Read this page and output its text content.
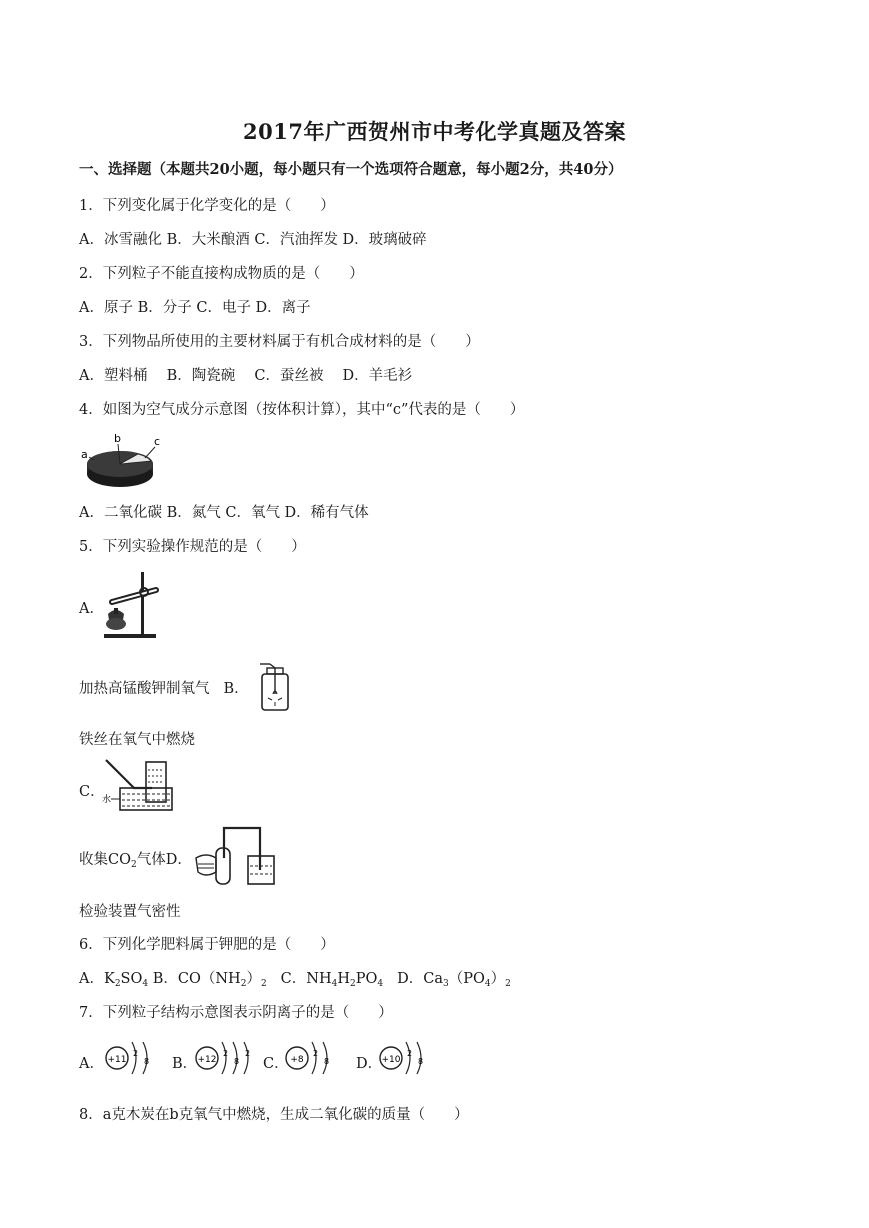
2017年广西贺州市中考化学真题及答案
一、选择题（本题共20小题，每小题只有一个选项符合题意，每小题2分，共40分）
1．下列变化属于化学变化的是（　　）
A．冰雪融化 B．大米酿酒 C．汽油挥发 D．玻璃破碎
2．下列粒子不能直接构成物质的是（　　）
A．原子 B．分子 C．电子 D．离子
3．下列物品所使用的主要材料属于有机合成材料的是（　　）
A．塑料桶　 B．陶瓷碗　 C．蚕丝被　 D．羊毛衫
4．如图为空气成分示意图（按体积计算），其中“c”代表的是（　　）
a
b	c
A．二氧化碳 B．氮气 C．氧气 D．稀有气体
5．下列实验操作规范的是（　　）
A．
加热高锰酸钾制氧气 B．
铁丝在氧气中燃烧
C．
水
收集$CO_2$气体D．
检验装置气密性
6．下列化学肥料属于钾肥的是（　　）
A．$K_2SO_4$ B．$CO(NH_2)_2$ C．$NH_4H_2PO_4$ D．$Ca_3(PO_4)_2$
7．下列粒子结构示意图表示阴离子的是（　　）
A． +11
2
8 B． +12
2
8
2
C． +8
2
8 D． +10
2
8
8．a克木炭在b克氧气中燃烧，生成二氧化碳的质量（　　）
